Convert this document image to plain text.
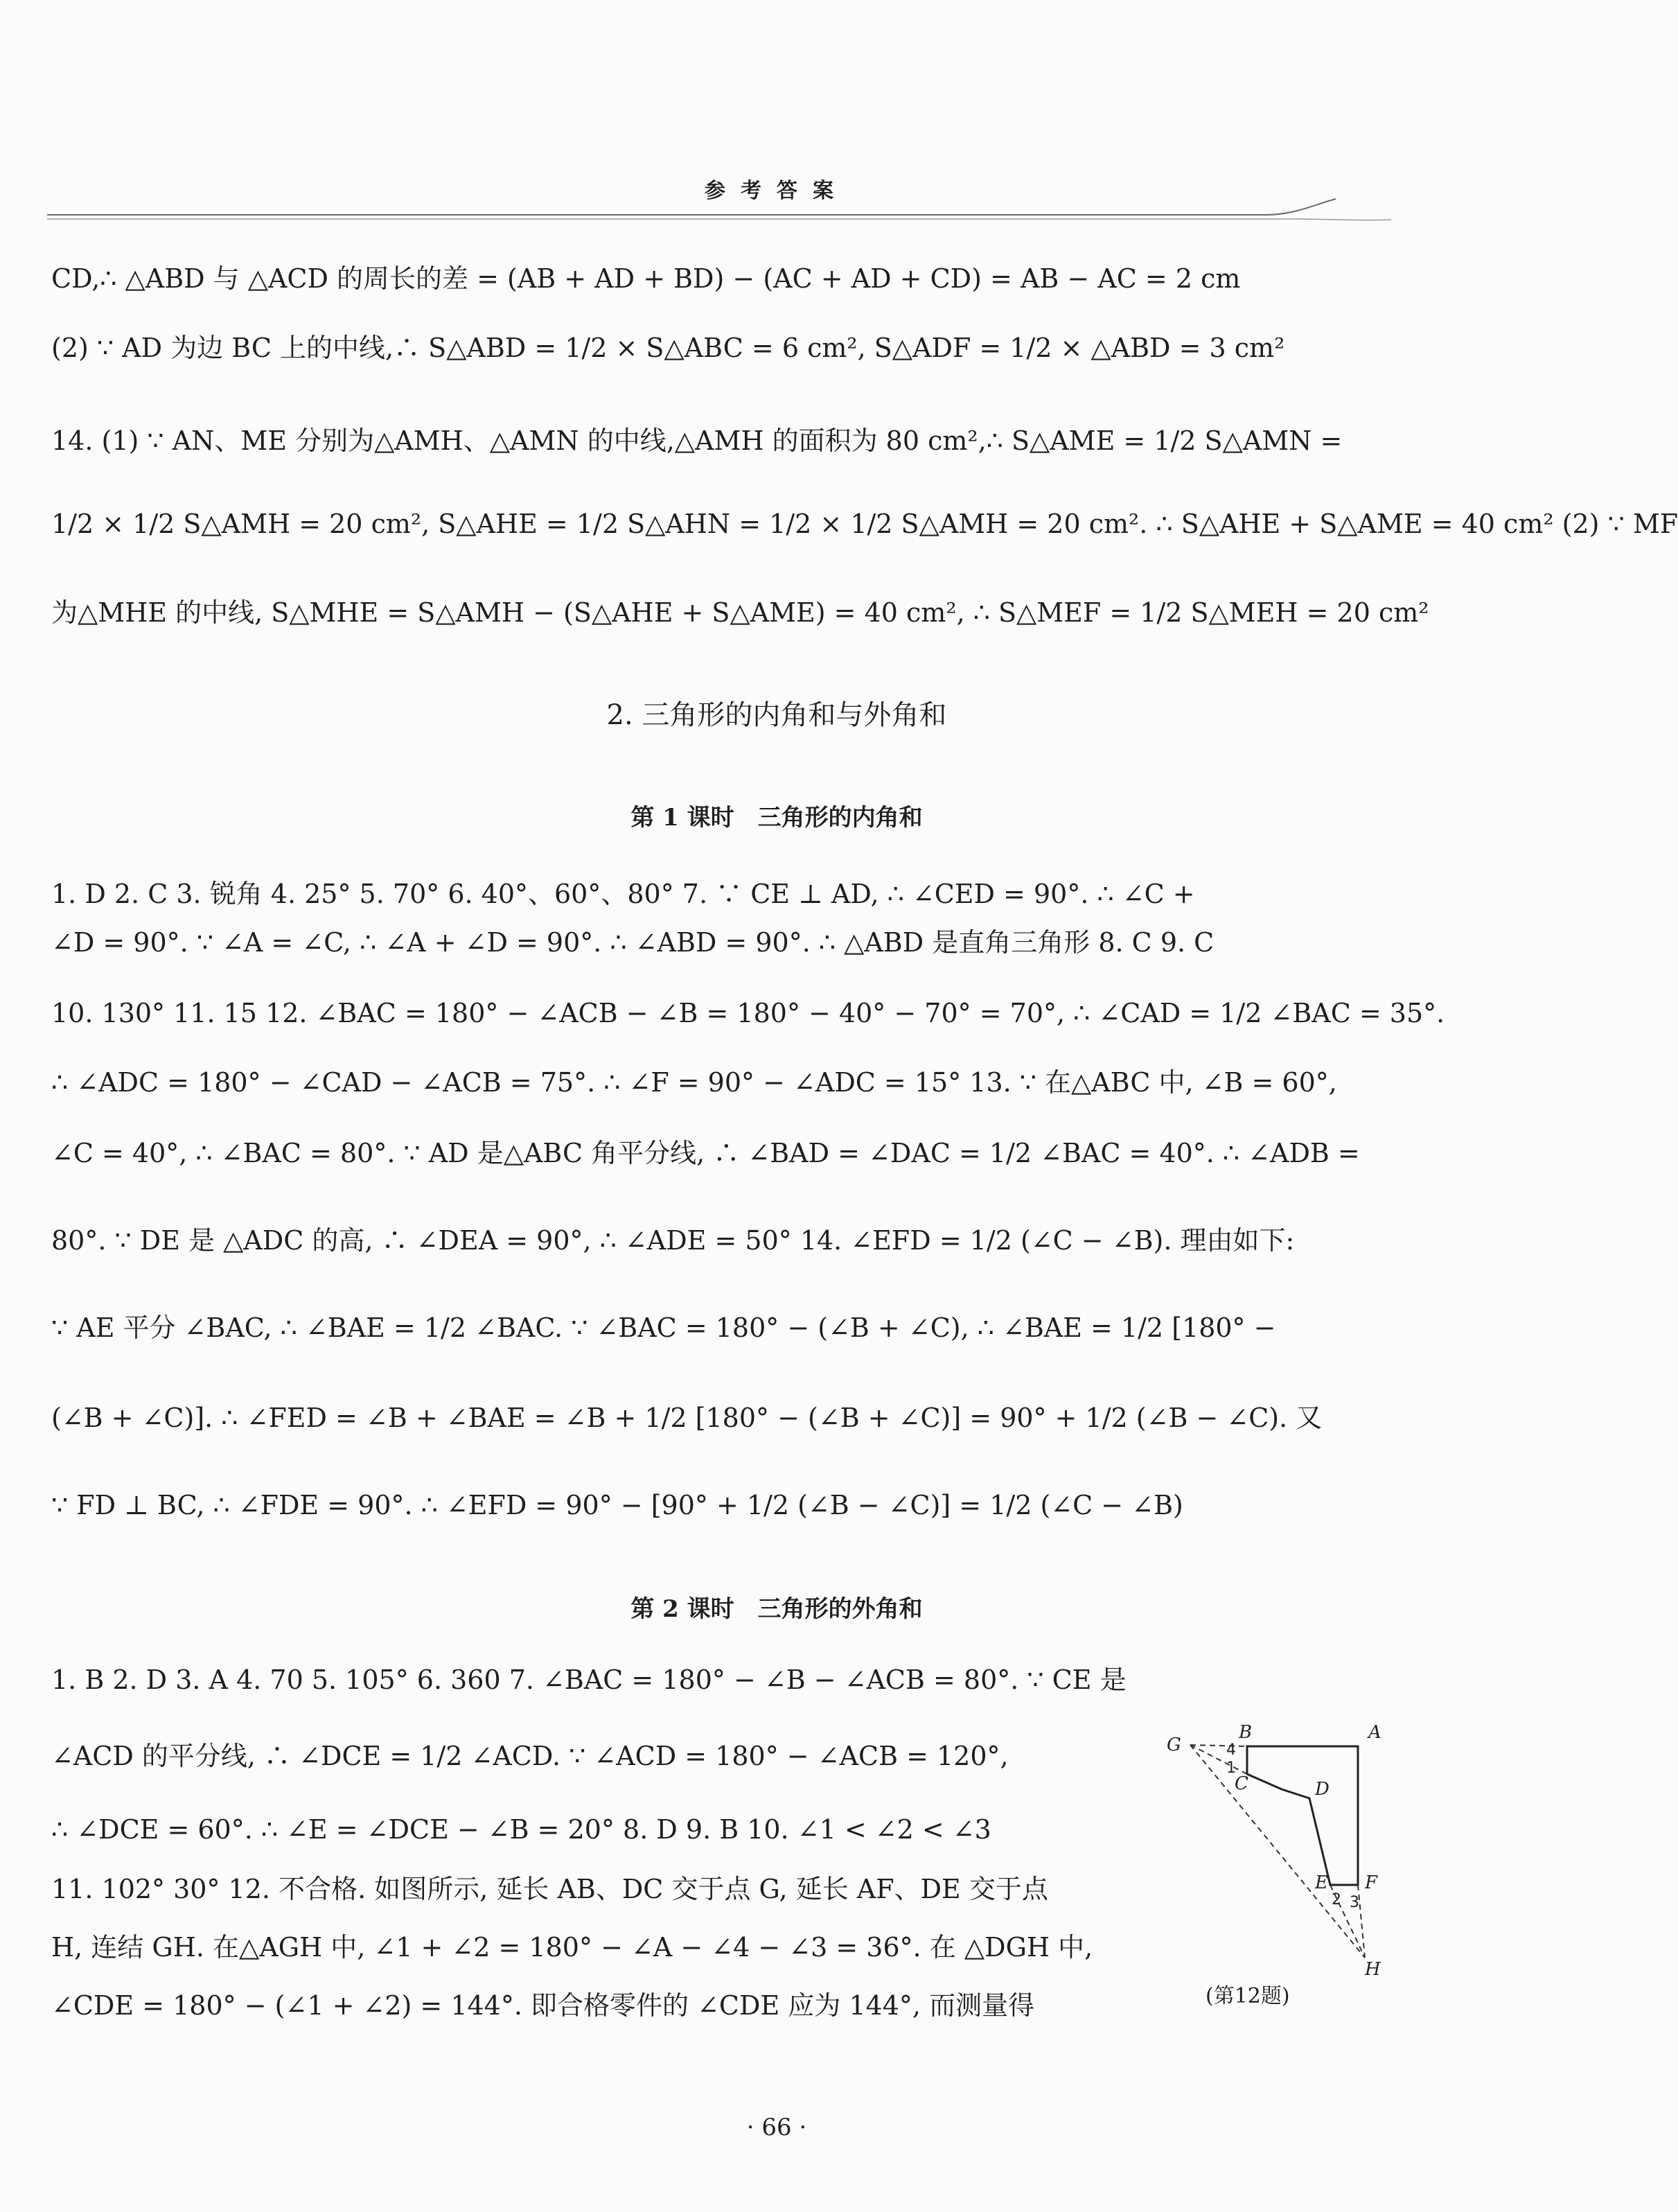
参考答案
CD,∴ △ABD 与 △ACD 的周长的差 = (AB + AD + BD) − (AC + AD + CD) = AB − AC = 2 cm
(2) ∵ AD 为边 BC 上的中线,∴ S△ABD = 1/2 × S△ABC = 6 cm², S△ADF = 1/2 × △ABD = 3 cm²
14. (1) ∵ AN、ME 分别为△AMH、△AMN 的中线,△AMH 的面积为 80 cm²,∴ S△AME = 1/2 S△AMN =
1/2 × 1/2 S△AMH = 20 cm², S△AHE = 1/2 S△AHN = 1/2 × 1/2 S△AMH = 20 cm². ∴ S△AHE + S△AME = 40 cm² (2) ∵ MF
为△MHE 的中线, S△MHE = S△AMH − (S△AHE + S△AME) = 40 cm², ∴ S△MEF = 1/2 S△MEH = 20 cm²
2. 三角形的内角和与外角和
第 1 课时　三角形的内角和
1. D 2. C 3. 锐角 4. 25° 5. 70° 6. 40°、60°、80° 7. ∵ CE ⊥ AD, ∴ ∠CED = 90°. ∴ ∠C +
∠D = 90°. ∵ ∠A = ∠C, ∴ ∠A + ∠D = 90°. ∴ ∠ABD = 90°. ∴ △ABD 是直角三角形 8. C 9. C
10. 130° 11. 15 12. ∠BAC = 180° − ∠ACB − ∠B = 180° − 40° − 70° = 70°, ∴ ∠CAD = 1/2 ∠BAC = 35°.
∴ ∠ADC = 180° − ∠CAD − ∠ACB = 75°. ∴ ∠F = 90° − ∠ADC = 15° 13. ∵ 在△ABC 中, ∠B = 60°,
∠C = 40°, ∴ ∠BAC = 80°. ∵ AD 是△ABC 角平分线, ∴ ∠BAD = ∠DAC = 1/2 ∠BAC = 40°. ∴ ∠ADB =
80°. ∵ DE 是 △ADC 的高, ∴ ∠DEA = 90°, ∴ ∠ADE = 50° 14. ∠EFD = 1/2 (∠C − ∠B). 理由如下:
∵ AE 平分 ∠BAC, ∴ ∠BAE = 1/2 ∠BAC. ∵ ∠BAC = 180° − (∠B + ∠C), ∴ ∠BAE = 1/2 [180° −
(∠B + ∠C)]. ∴ ∠FED = ∠B + ∠BAE = ∠B + 1/2 [180° − (∠B + ∠C)] = 90° + 1/2 (∠B − ∠C). 又
∵ FD ⊥ BC, ∴ ∠FDE = 90°. ∴ ∠EFD = 90° − [90° + 1/2 (∠B − ∠C)] = 1/2 (∠C − ∠B)
第 2 课时　三角形的外角和
1. B 2. D 3. A 4. 70 5. 105° 6. 360 7. ∠BAC = 180° − ∠B − ∠ACB = 80°. ∵ CE 是
∠ACD 的平分线, ∴ ∠DCE = 1/2 ∠ACD. ∵ ∠ACD = 180° − ∠ACB = 120°,
∴ ∠DCE = 60°. ∴ ∠E = ∠DCE − ∠B = 20° 8. D 9. B 10. ∠1 < ∠2 < ∠3
11. 102° 30° 12. 不合格. 如图所示, 延长 AB、DC 交于点 G, 延长 AF、DE 交于点
H, 连结 GH. 在△AGH 中, ∠1 + ∠2 = 180° − ∠A − ∠4 − ∠3 = 36°. 在 △DGH 中,
∠CDE = 180° − (∠1 + ∠2) = 144°. 即合格零件的 ∠CDE 应为 144°, 而测量得
B	A
G
C	D
E F
H
1
4
2 3
(第12题)
· 66 ·
